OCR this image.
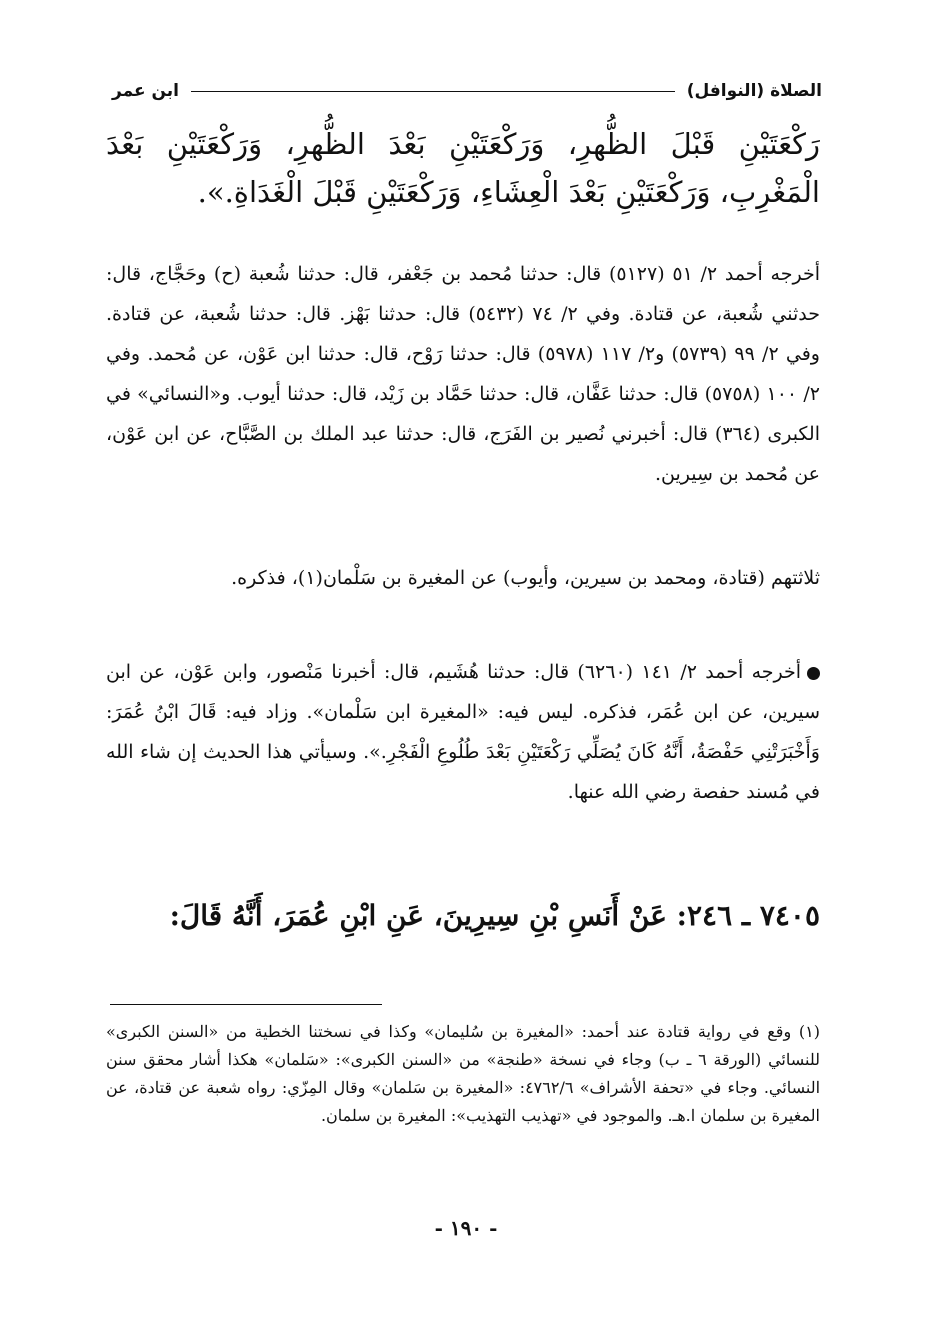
الصلاة (النوافل)
ابن عمر
رَكْعَتَيْنِ قَبْلَ الظُّهرِ، وَرَكْعَتَيْنِ بَعْدَ الظُّهرِ، وَرَكْعَتَيْنِ بَعْدَ الْمَغْرِبِ، وَرَكْعَتَيْنِ بَعْدَ الْعِشَاءِ، وَرَكْعَتَيْنِ قَبْلَ الْغَدَاةِ.».
أخرجه أحمد ٢/ ٥١ (٥١٢٧) قال: حدثنا مُحمد بن جَعْفر، قال: حدثنا شُعبة (ح) وحَجَّاج، قال: حدثني شُعبة، عن قتادة. وفي ٢/ ٧٤ (٥٤٣٢) قال: حدثنا بَهْز. قال: حدثنا شُعبة، عن قتادة. وفي ٢/ ٩٩ (٥٧٣٩) و٢/ ١١٧ (٥٩٧٨) قال: حدثنا رَوْح، قال: حدثنا ابن عَوْن، عن مُحمد. وفي ٢/ ١٠٠ (٥٧٥٨) قال: حدثنا عَفَّان، قال: حدثنا حَمَّاد بن زَيْد، قال: حدثنا أيوب. و«النسائي» في الكبرى (٣٦٤) قال: أخبرني نُصير بن الفَرَج، قال: حدثنا عبد الملك بن الصَّبَّاح، عن ابن عَوْن، عن مُحمد بن سِيرين.
ثلاثتهم (قتادة، ومحمد بن سيرين، وأيوب) عن المغيرة بن سَلْمان(١)، فذكره.
أخرجه أحمد ٢/ ١٤١ (٦٢٦٠) قال: حدثنا هُشَيم، قال: أخبرنا مَنْصور، وابن عَوْن، عن ابن سيرين، عن ابن عُمَر، فذكره. ليس فيه: «المغيرة ابن سَلْمان». وزاد فيه: قَالَ ابْنُ عُمَرَ: وَأَخْبَرَتْنِي حَفْصَةُ، أَنَّهُ كَانَ يُصَلِّي رَكْعَتَيْنِ بَعْدَ طُلُوعِ الْفَجْرِ.». وسيأتي هذا الحديث إن شاء الله في مُسند حفصة رضي الله عنها.
٧٤٠٥ ـ ٢٤٦: عَنْ أَنَسِ بْنِ سِيرِينَ، عَنِ ابْنِ عُمَرَ، أَنَّهُ قَالَ:
(١) وقع في رواية قتادة عند أحمد: «المغيرة بن سُليمان» وكذا في نسختنا الخطية من «السنن الكبرى» للنسائي (الورقة ٦ ـ ب) وجاء في نسخة «طنجة» من «السنن الكبرى»: «سَلمان» هكذا أشار محقق سنن النسائي. وجاء في «تحفة الأشراف» ٤٧٦٢/٦: «المغيرة بن سَلمان» وقال المِزّي: رواه شعبة عن قتادة، عن المغيرة بن سلمان ا.هـ. والموجود في «تهذيب التهذيب»: المغيرة بن سلمان.
- ١٩٠ -
